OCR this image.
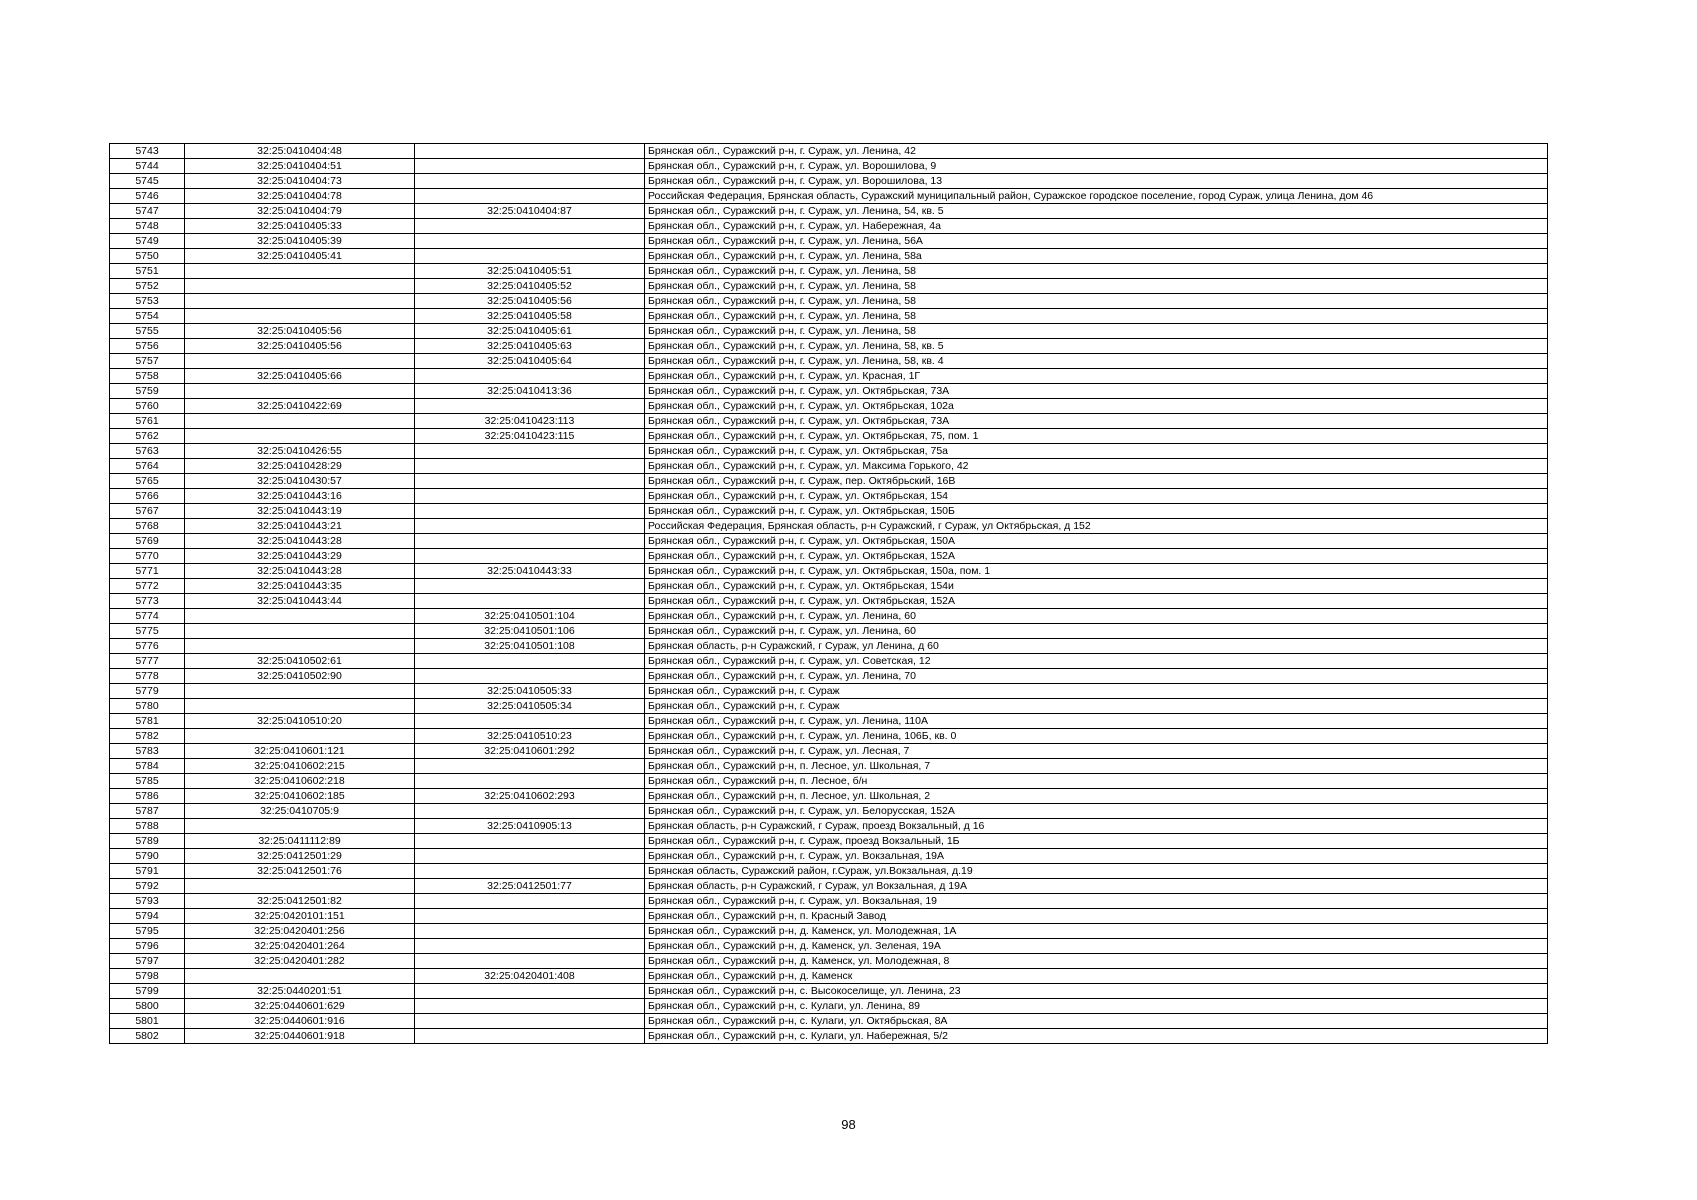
5743	32:25:0410404:48		Брянская обл., Суражский р-н, г. Сураж, ул. Ленина, 42
5744	32:25:0410404:51		Брянская обл., Суражский р-н, г. Сураж, ул. Ворошилова, 9
5745	32:25:0410404:73		Брянская обл., Суражский р-н, г. Сураж, ул. Ворошилова, 13
5746	32:25:0410404:78		Российская Федерация, Брянская область, Суражский муниципальный район, Суражское городское поселение, город Сураж, улица Ленина, дом 46
5747	32:25:0410404:79	32:25:0410404:87	Брянская обл., Суражский р-н, г. Сураж, ул. Ленина, 54, кв. 5
5748	32:25:0410405:33		Брянская обл., Суражский р-н, г. Сураж, ул. Набережная, 4а
5749	32:25:0410405:39		Брянская обл., Суражский р-н, г. Сураж, ул. Ленина, 56А
5750	32:25:0410405:41		Брянская обл., Суражский р-н, г. Сураж, ул. Ленина, 58а
5751		32:25:0410405:51	Брянская обл., Суражский р-н, г. Сураж, ул. Ленина, 58
5752		32:25:0410405:52	Брянская обл., Суражский р-н, г. Сураж, ул. Ленина, 58
5753		32:25:0410405:56	Брянская обл., Суражский р-н, г. Сураж, ул. Ленина, 58
5754		32:25:0410405:58	Брянская обл., Суражский р-н, г. Сураж, ул. Ленина, 58
5755	32:25:0410405:56	32:25:0410405:61	Брянская обл., Суражский р-н, г. Сураж, ул. Ленина, 58
5756	32:25:0410405:56	32:25:0410405:63	Брянская обл., Суражский р-н, г. Сураж, ул. Ленина, 58, кв. 5
5757		32:25:0410405:64	Брянская обл., Суражский р-н, г. Сураж, ул. Ленина, 58, кв. 4
5758	32:25:0410405:66		Брянская обл., Суражский р-н, г. Сураж, ул. Красная, 1Г
5759		32:25:0410413:36	Брянская обл., Суражский р-н, г. Сураж, ул. Октябрьская, 73А
5760	32:25:0410422:69		Брянская обл., Суражский р-н, г. Сураж, ул. Октябрьская, 102а
5761		32:25:0410423:113	Брянская обл., Суражский р-н, г. Сураж, ул. Октябрьская, 73А
5762		32:25:0410423:115	Брянская обл., Суражский р-н, г. Сураж, ул. Октябрьская, 75, пом. 1
5763	32:25:0410426:55		Брянская обл., Суражский р-н, г. Сураж, ул. Октябрьская, 75а
5764	32:25:0410428:29		Брянская обл., Суражский р-н, г. Сураж, ул. Максима Горького, 42
5765	32:25:0410430:57		Брянская обл., Суражский р-н, г. Сураж, пер. Октябрьский, 16В
5766	32:25:0410443:16		Брянская обл., Суражский р-н, г. Сураж, ул. Октябрьская, 154
5767	32:25:0410443:19		Брянская обл., Суражский р-н, г. Сураж, ул. Октябрьская, 150Б
5768	32:25:0410443:21		Российская Федерация, Брянская область, р-н Суражский, г Сураж, ул Октябрьская, д 152
5769	32:25:0410443:28		Брянская обл., Суражский р-н, г. Сураж, ул. Октябрьская, 150А
5770	32:25:0410443:29		Брянская обл., Суражский р-н, г. Сураж, ул. Октябрьская, 152А
5771	32:25:0410443:28	32:25:0410443:33	Брянская обл., Суражский р-н, г. Сураж, ул. Октябрьская, 150а, пом. 1
5772	32:25:0410443:35		Брянская обл., Суражский р-н, г. Сураж, ул. Октябрьская, 154и
5773	32:25:0410443:44		Брянская обл., Суражский р-н, г. Сураж, ул. Октябрьская, 152А
5774		32:25:0410501:104	Брянская обл., Суражский р-н, г. Сураж, ул. Ленина, 60
5775		32:25:0410501:106	Брянская обл., Суражский р-н, г. Сураж, ул. Ленина, 60
5776		32:25:0410501:108	Брянская область, р-н Суражский, г Сураж, ул Ленина, д 60
5777	32:25:0410502:61		Брянская обл., Суражский р-н, г. Сураж, ул. Советская, 12
5778	32:25:0410502:90		Брянская обл., Суражский р-н, г. Сураж, ул. Ленина, 70
5779		32:25:0410505:33	Брянская обл., Суражский р-н, г. Сураж
5780		32:25:0410505:34	Брянская обл., Суражский р-н, г. Сураж
5781	32:25:0410510:20		Брянская обл., Суражский р-н, г. Сураж, ул. Ленина, 110А
5782		32:25:0410510:23	Брянская обл., Суражский р-н, г. Сураж, ул. Ленина, 106Б, кв. 0
5783	32:25:0410601:121	32:25:0410601:292	Брянская обл., Суражский р-н, г. Сураж, ул. Лесная, 7
5784	32:25:0410602:215		Брянская обл., Суражский р-н, п. Лесное, ул. Школьная, 7
5785	32:25:0410602:218		Брянская обл., Суражский р-н, п. Лесное, б/н
5786	32:25:0410602:185	32:25:0410602:293	Брянская обл., Суражский р-н, п. Лесное, ул. Школьная, 2
5787	32:25:0410705:9		Брянская обл., Суражский р-н, г. Сураж, ул. Белорусская, 152А
5788		32:25:0410905:13	Брянская область, р-н Суражский, г Сураж, проезд Вокзальный, д 16
5789	32:25:0411112:89		Брянская обл., Суражский р-н, г. Сураж, проезд Вокзальный, 1Б
5790	32:25:0412501:29		Брянская обл., Суражский р-н, г. Сураж, ул. Вокзальная, 19А
5791	32:25:0412501:76		Брянская область, Суражский район, г.Сураж, ул.Вокзальная, д.19
5792		32:25:0412501:77	Брянская область, р-н Суражский, г Сураж, ул Вокзальная, д 19А
5793	32:25:0412501:82		Брянская обл., Суражский р-н, г. Сураж, ул. Вокзальная, 19
5794	32:25:0420101:151		Брянская обл., Суражский р-н, п. Красный Завод
5795	32:25:0420401:256		Брянская обл., Суражский р-н, д. Каменск, ул. Молодежная, 1А
5796	32:25:0420401:264		Брянская обл., Суражский р-н, д. Каменск, ул. Зеленая, 19А
5797	32:25:0420401:282		Брянская обл., Суражский р-н, д. Каменск, ул. Молодежная, 8
5798		32:25:0420401:408	Брянская обл., Суражский р-н, д. Каменск
5799	32:25:0440201:51		Брянская обл., Суражский р-н, с. Высокоселище, ул. Ленина, 23
5800	32:25:0440601:629		Брянская обл., Суражский р-н, с. Кулаги, ул. Ленина, 89
5801	32:25:0440601:916		Брянская обл., Суражский р-н, с. Кулаги, ул. Октябрьская, 8А
5802	32:25:0440601:918		Брянская обл., Суражский р-н, с. Кулаги, ул. Набережная, 5/2
98
